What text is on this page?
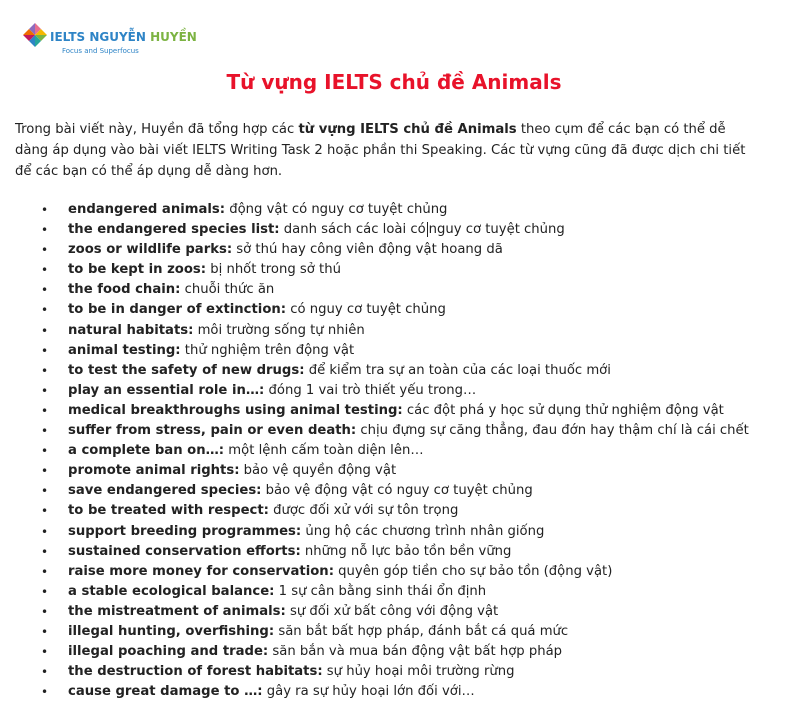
IELTS NGUYỄN HUYỀN
Focus and Superfocus
Từ vựng IELTS chủ đề Animals

Trong bài viết này, Huyền đã tổng hợp các từ vựng IELTS chủ đề Animals theo cụm để các bạn có thể dễ dàng áp dụng vào bài viết IELTS Writing Task 2 hoặc phần thi Speaking. Các từ vựng cũng đã được dịch chi tiết để các bạn có thể áp dụng dễ dàng hơn.

• endangered animals: động vật có nguy cơ tuyệt chủng
• the endangered species list: danh sách các loài có nguy cơ tuyệt chủng
• zoos or wildlife parks: sở thú hay công viên động vật hoang dã
• to be kept in zoos: bị nhốt trong sở thú
• the food chain: chuỗi thức ăn
• to be in danger of extinction: có nguy cơ tuyệt chủng
• natural habitats: môi trường sống tự nhiên
• animal testing: thử nghiệm trên động vật
• to test the safety of new drugs: để kiểm tra sự an toàn của các loại thuốc mới
• play an essential role in…: đóng 1 vai trò thiết yếu trong…
• medical breakthroughs using animal testing: các đột phá y học sử dụng thử nghiệm động vật
• suffer from stress, pain or even death: chịu đựng sự căng thẳng, đau đớn hay thậm chí là cái chết
• a complete ban on…: một lệnh cấm toàn diện lên…
• promote animal rights: bảo vệ quyền động vật
• save endangered species: bảo vệ động vật có nguy cơ tuyệt chủng
• to be treated with respect: được đối xử với sự tôn trọng
• support breeding programmes: ủng hộ các chương trình nhân giống
• sustained conservation efforts: những nỗ lực bảo tồn bền vững
• raise more money for conservation: quyên góp tiền cho sự bảo tồn (động vật)
• a stable ecological balance: 1 sự cân bằng sinh thái ổn định
• the mistreatment of animals: sự đối xử bất công với động vật
• illegal hunting, overfishing: săn bắt bất hợp pháp, đánh bắt cá quá mức
• illegal poaching and trade: săn bắn và mua bán động vật bất hợp pháp
• the destruction of forest habitats: sự hủy hoại môi trường rừng
• cause great damage to …: gây ra sự hủy hoại lớn đối với…
